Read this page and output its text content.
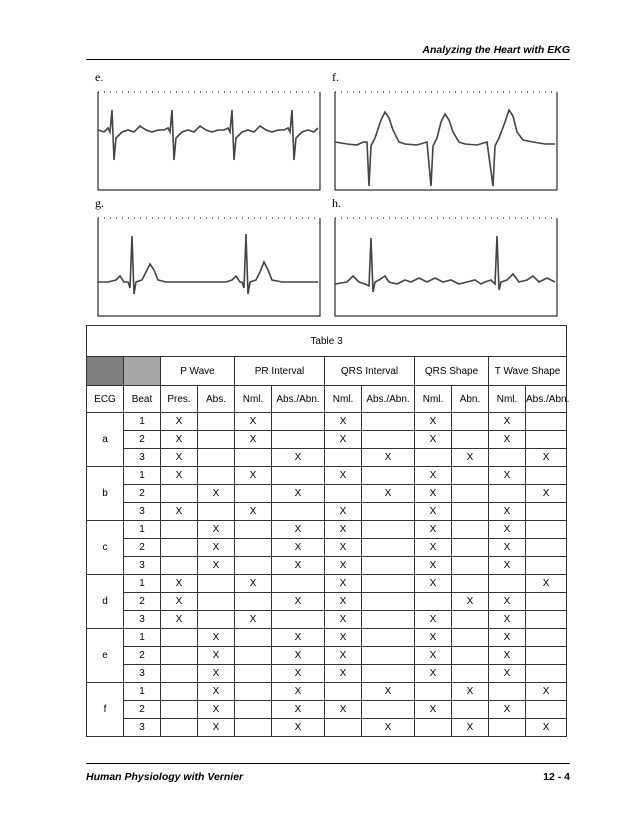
Analyzing the Heart with EKG
e.	f.
g.	h.
Table 3											
		P Wave		PR Interval		QRS Interval		QRS Shape		T Wave Shape	
ECG	Beat	Pres.	Abs.	Nml.	Abs./Abn.	Nml.	Abs./Abn.	Nml.	Abn.	Nml.	Abs./Abn.
a	1	X		X		X		X		X	
	2	X		X		X		X		X	
	3	X			X		X		X		X
b	1	X		X		X		X		X	
	2		X		X		X	X			X
	3	X		X		X		X		X	
c	1		X		X	X		X		X	
	2		X		X	X		X		X	
	3		X		X	X		X		X	
d	1	X		X		X		X			X
	2	X			X	X			X	X	
	3	X		X		X		X		X	
e	1		X		X	X		X		X	
	2		X		X	X		X		X	
	3		X		X	X		X		X	
f	1		X		X		X		X		X
	2		X		X	X		X		X	
	3		X		X		X		X		X
Human Physiology with Vernier	12 - 4
